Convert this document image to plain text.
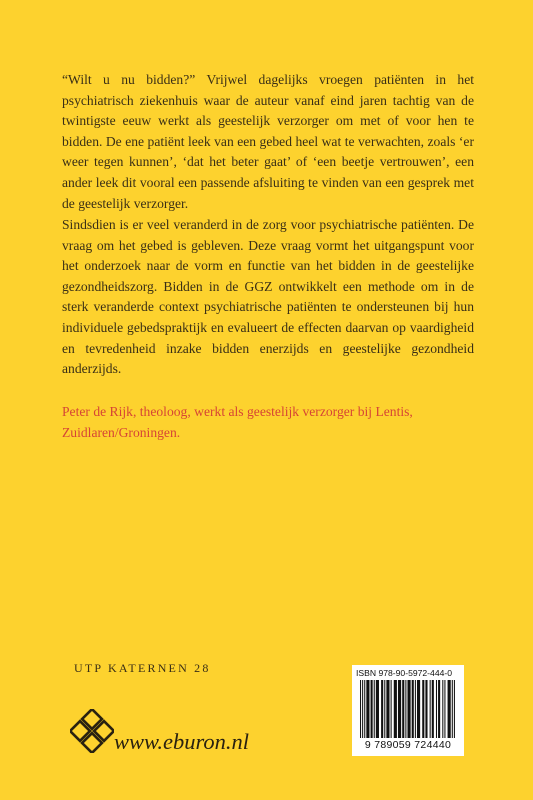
“Wilt u nu bidden?” Vrijwel dagelijks vroegen patiënten in het psychiatrisch ziekenhuis waar de auteur vanaf eind jaren tachtig van de twintigste eeuw werkt als geestelijk verzorger om met of voor hen te bidden. De ene patiënt leek van een gebed heel wat te verwachten, zoals ‘er weer tegen kunnen’, ‘dat het beter gaat’ of ‘een beetje vertrouwen’, een ander leek dit vooral een passende afsluiting te vinden van een gesprek met de geestelijk verzorger.
Sindsdien is er veel veranderd in de zorg voor psychiatrische patiënten. De vraag om het gebed is gebleven. Deze vraag vormt het uitgangspunt voor het onderzoek naar de vorm en functie van het bidden in de geestelijke gezondheidszorg. Bidden in de GGZ ontwikkelt een methode om in de sterk veranderde context psychiatrische patiënten te ondersteunen bij hun individuele gebedspraktijk en evalueert de effecten daarvan op vaardigheid en tevredenheid inzake bidden enerzijds en geestelijke gezondheid anderzijds.
Peter de Rijk, theoloog, werkt als geestelijk verzorger bij Lentis, Zuidlaren/Groningen.
UTP KATERNEN 28
www.eburon.nl
ISBN 978-90-5972-444-0
9 789059 724440
